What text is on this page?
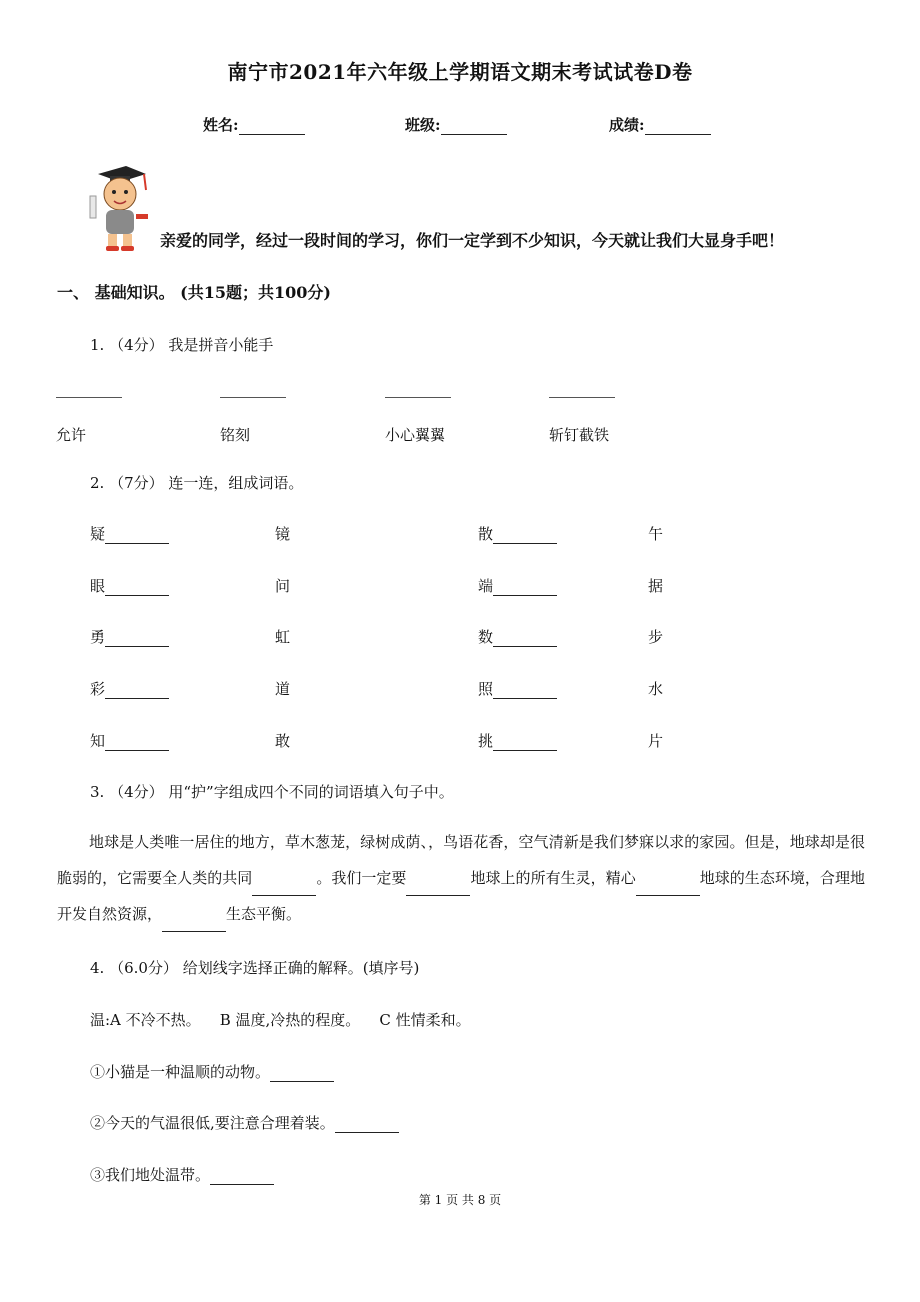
南宁市2021年六年级上学期语文期末考试试卷D卷
姓名:	班级:	成绩:
亲爱的同学，经过一段时间的学习，你们一定学到不少知识，今天就让我们大显身手吧！
一、 基础知识。 (共15题；共100分)
1. （4分） 我是拼音小能手
允许	铭刻	小心翼翼	斩钉截铁
2. （7分） 连一连，组成词语。
疑	镜	散	午
眼	问	端	据
勇	虹	数	步
彩	道	照	水
知	敢	挑	片
3. （4分） 用“护”字组成四个不同的词语填入句子中。
地球是人类唯一居住的地方，草木葱茏，绿树成荫、，鸟语花香，空气清新是我们梦寐以求的家园。但是，地球却是很脆弱的，它需要全人类的共同	。我们一定要	地球上的所有生灵，精心	地球的生态环境，合理地开发自然资源，	生态平衡。
4. （6.0分） 给划线字选择正确的解释。(填序号)
温:A 不冷不热。    B 温度,冷热的程度。    C 性情柔和。
①小猫是一种温顺的动物。
②今天的气温很低,要注意合理着装。
③我们地处温带。
第 1 页 共 8 页
